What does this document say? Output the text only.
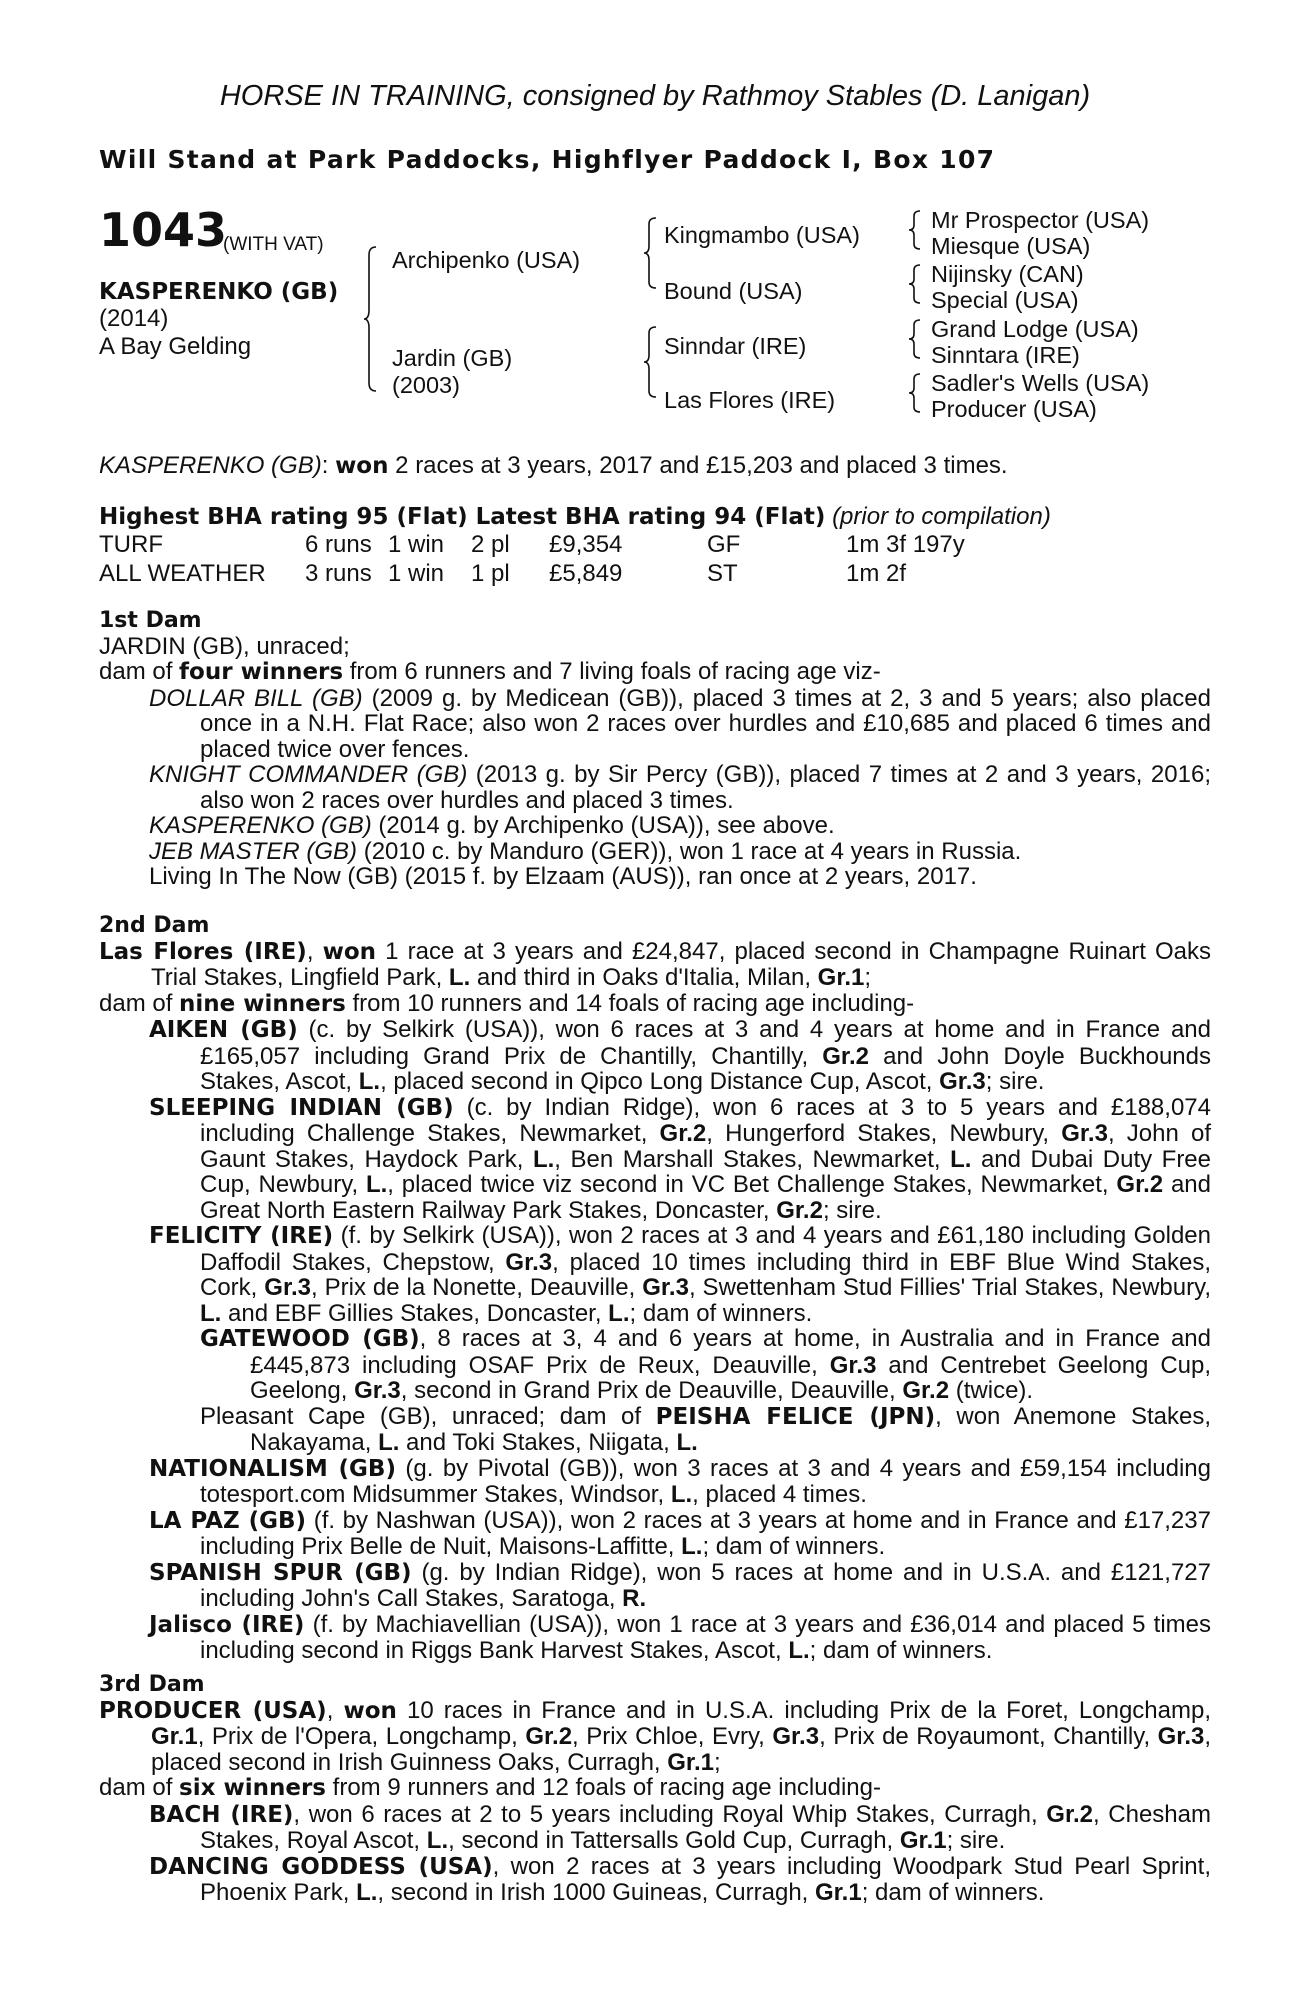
HORSE IN TRAINING, consigned by Rathmoy Stables (D. Lanigan)
Will Stand at Park Paddocks, Highflyer Paddock I, Box 107
1043
(WITH VAT)
KASPERENKO (GB)
(2014)
A Bay Gelding
Archipenko (USA)
Jardin (GB)
(2003)
Kingmambo (USA)
Bound (USA)
Sinndar (IRE)
Las Flores (IRE)
Mr Prospector (USA)
Miesque (USA)
Nijinsky (CAN)
Special (USA)
Grand Lodge (USA)
Sinntara (IRE)
Sadler's Wells (USA)
Producer (USA)
KASPERENKO (GB): won 2 races at 3 years, 2017 and £15,203 and placed 3 times.
Highest BHA rating 95 (Flat) Latest BHA rating 94 (Flat) (prior to compilation)
TURF	6 runs	1 win	2 pl	£9,354	GF	1m 3f 197y
ALL WEATHER	3 runs	1 win	1 pl	£5,849	ST	1m 2f

1st Dam

JARDIN (GB), unraced;

dam of four winners from 6 runners and 7 living foals of racing age viz-

DOLLAR BILL (GB) (2009 g. by Medicean (GB)), placed 3 times at 2, 3 and 5 years; also placed once in a N.H. Flat Race; also won 2 races over hurdles and £10,685 and placed 6 times and placed twice over fences.

KNIGHT COMMANDER (GB) (2013 g. by Sir Percy (GB)), placed 7 times at 2 and 3 years, 2016; also won 2 races over hurdles and placed 3 times.

KASPERENKO (GB) (2014 g. by Archipenko (USA)), see above.

JEB MASTER (GB) (2010 c. by Manduro (GER)), won 1 race at 4 years in Russia.

Living In The Now (GB) (2015 f. by Elzaam (AUS)), ran once at 2 years, 2017.

2nd Dam

Las Flores (IRE), won 1 race at 3 years and £24,847, placed second in Champagne Ruinart Oaks Trial Stakes, Lingfield Park, L. and third in Oaks d'Italia, Milan, Gr.1;

dam of nine winners from 10 runners and 14 foals of racing age including-

AIKEN (GB) (c. by Selkirk (USA)), won 6 races at 3 and 4 years at home and in France and £165,057 including Grand Prix de Chantilly, Chantilly, Gr.2 and John Doyle Buckhounds Stakes, Ascot, L., placed second in Qipco Long Distance Cup, Ascot, Gr.3; sire.

SLEEPING INDIAN (GB) (c. by Indian Ridge), won 6 races at 3 to 5 years and £188,074 including Challenge Stakes, Newmarket, Gr.2, Hungerford Stakes, Newbury, Gr.3, John of Gaunt Stakes, Haydock Park, L., Ben Marshall Stakes, Newmarket, L. and Dubai Duty Free Cup, Newbury, L., placed twice viz second in VC Bet Challenge Stakes, Newmarket, Gr.2 and Great North Eastern Railway Park Stakes, Doncaster, Gr.2; sire.

FELICITY (IRE) (f. by Selkirk (USA)), won 2 races at 3 and 4 years and £61,180 including Golden Daffodil Stakes, Chepstow, Gr.3, placed 10 times including third in EBF Blue Wind Stakes, Cork, Gr.3, Prix de la Nonette, Deauville, Gr.3, Swettenham Stud Fillies' Trial Stakes, Newbury, L. and EBF Gillies Stakes, Doncaster, L.; dam of winners.

GATEWOOD (GB), 8 races at 3, 4 and 6 years at home, in Australia and in France and £445,873 including OSAF Prix de Reux, Deauville, Gr.3 and Centrebet Geelong Cup, Geelong, Gr.3, second in Grand Prix de Deauville, Deauville, Gr.2 (twice).

Pleasant Cape (GB), unraced; dam of PEISHA FELICE (JPN), won Anemone Stakes, Nakayama, L. and Toki Stakes, Niigata, L.

NATIONALISM (GB) (g. by Pivotal (GB)), won 3 races at 3 and 4 years and £59,154 including totesport.com Midsummer Stakes, Windsor, L., placed 4 times.

LA PAZ (GB) (f. by Nashwan (USA)), won 2 races at 3 years at home and in France and £17,237 including Prix Belle de Nuit, Maisons-Laffitte, L.; dam of winners.

SPANISH SPUR (GB) (g. by Indian Ridge), won 5 races at home and in U.S.A. and £121,727 including John's Call Stakes, Saratoga, R.

Jalisco (IRE) (f. by Machiavellian (USA)), won 1 race at 3 years and £36,014 and placed 5 times including second in Riggs Bank Harvest Stakes, Ascot, L.; dam of winners.

3rd Dam

PRODUCER (USA), won 10 races in France and in U.S.A. including Prix de la Foret, Longchamp, Gr.1, Prix de l'Opera, Longchamp, Gr.2, Prix Chloe, Evry, Gr.3, Prix de Royaumont, Chantilly, Gr.3, placed second in Irish Guinness Oaks, Curragh, Gr.1;

dam of six winners from 9 runners and 12 foals of racing age including-

BACH (IRE), won 6 races at 2 to 5 years including Royal Whip Stakes, Curragh, Gr.2, Chesham Stakes, Royal Ascot, L., second in Tattersalls Gold Cup, Curragh, Gr.1; sire.

DANCING GODDESS (USA), won 2 races at 3 years including Woodpark Stud Pearl Sprint, Phoenix Park, L., second in Irish 1000 Guineas, Curragh, Gr.1; dam of winners.
